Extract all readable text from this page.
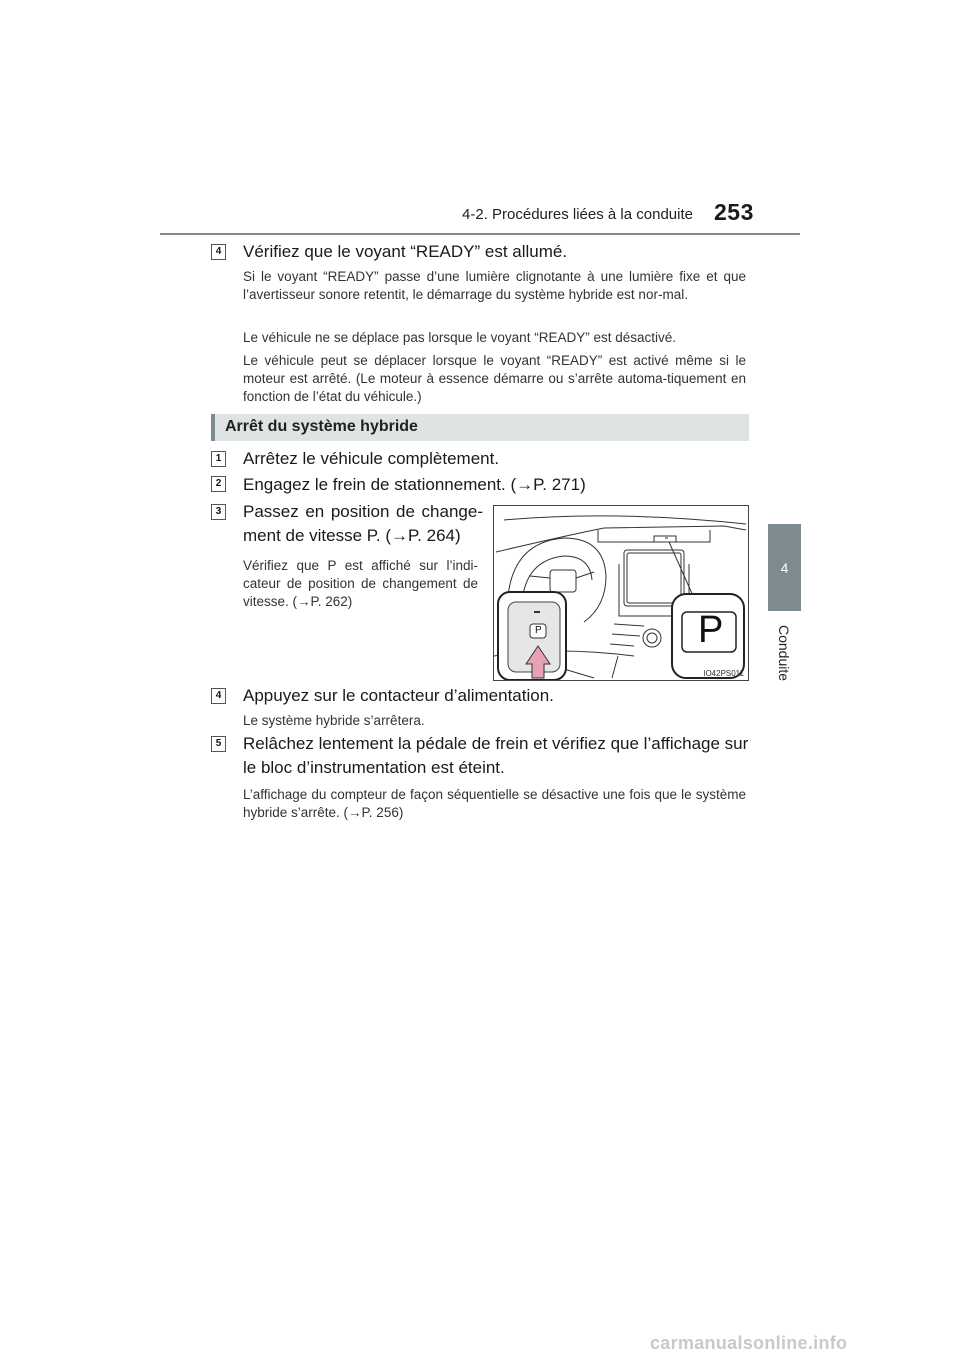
4-2. Procédures liées à la conduite 253
4
Conduite
4 Vérifiez que le voyant “READY” est allumé.
Si le voyant “READY” passe d’une lumière clignotante à une lumière fixe et que l’avertisseur sonore retentit, le démarrage du système hybride est nor-mal.
Le véhicule ne se déplace pas lorsque le voyant “READY” est désactivé.
Le véhicule peut se déplacer lorsque le voyant “READY” est activé même si le moteur est arrêté. (Le moteur à essence démarre ou s’arrête automa-tiquement en fonction de l’état du véhicule.)
Arrêt du système hybride
1 Arrêtez le véhicule complètement.
2 Engagez le frein de stationnement. (→P. 271)
3 Passez en position de change-
ment de vitesse P. (→P. 264)
Vérifiez que P est affiché sur l’indi-cateur de position de changement de vitesse. (→P. 262)
P
P
IO42PS011
4 Appuyez sur le contacteur d’alimentation.
Le système hybride s’arrêtera.
5 Relâchez lentement la pédale de frein et vérifiez que l’affichage sur
le bloc d’instrumentation est éteint.
L’affichage du compteur de façon séquentielle se désactive une fois que le système hybride s’arrête. (→P. 256)
carmanualsonline.info
